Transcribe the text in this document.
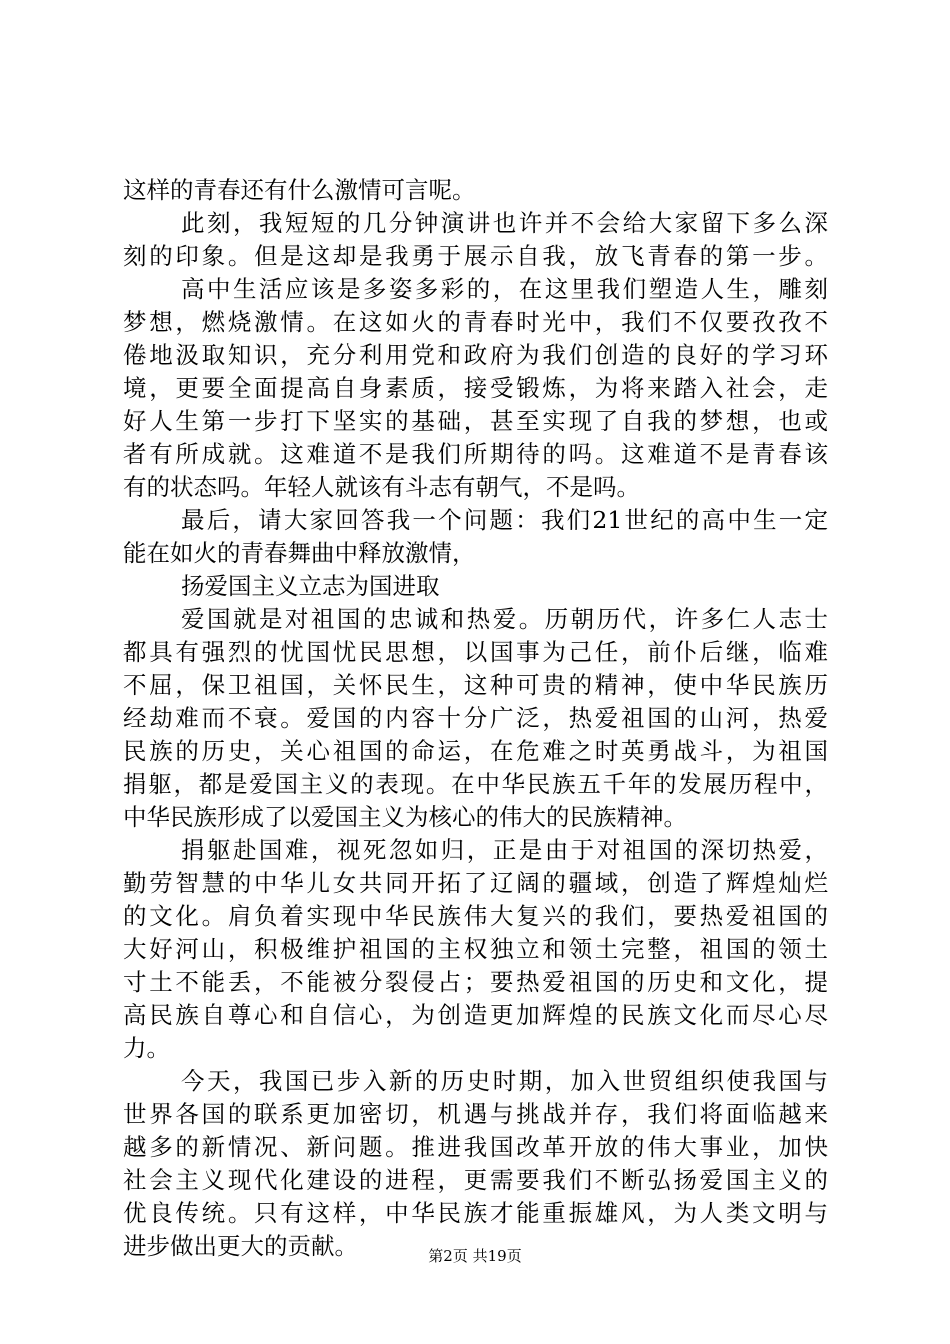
这样的青春还有什么激情可言呢。

此刻，我短短的几分钟演讲也许并不会给大家留下多么深

刻的印象。但是这却是我勇于展示自我，放飞青春的第一步。

高中生活应该是多姿多彩的，在这里我们塑造人生，雕刻

梦想，燃烧激情。在这如火的青春时光中，我们不仅要孜孜不

倦地汲取知识，充分利用党和政府为我们创造的良好的学习环

境，更要全面提高自身素质，接受锻炼，为将来踏入社会，走

好人生第一步打下坚实的基础，甚至实现了自我的梦想，也或

者有所成就。这难道不是我们所期待的吗。这难道不是青春该

有的状态吗。年轻人就该有斗志有朝气，不是吗。

最后，请大家回答我一个问题：我们21世纪的高中生一定

能在如火的青春舞曲中释放激情，

扬爱国主义立志为国进取

爱国就是对祖国的忠诚和热爱。历朝历代，许多仁人志士

都具有强烈的忧国忧民思想，以国事为己任，前仆后继，临难

不屈，保卫祖国，关怀民生，这种可贵的精神，使中华民族历

经劫难而不衰。爱国的内容十分广泛，热爱祖国的山河，热爱

民族的历史，关心祖国的命运，在危难之时英勇战斗，为祖国

捐躯，都是爱国主义的表现。在中华民族五千年的发展历程中，

中华民族形成了以爱国主义为核心的伟大的民族精神。

捐躯赴国难，视死忽如归，正是由于对祖国的深切热爱，

勤劳智慧的中华儿女共同开拓了辽阔的疆域，创造了辉煌灿烂

的文化。肩负着实现中华民族伟大复兴的我们，要热爱祖国的

大好河山，积极维护祖国的主权独立和领土完整，祖国的领土

寸土不能丢，不能被分裂侵占；要热爱祖国的历史和文化，提

高民族自尊心和自信心，为创造更加辉煌的民族文化而尽心尽

力。

今天，我国已步入新的历史时期，加入世贸组织使我国与

世界各国的联系更加密切，机遇与挑战并存，我们将面临越来

越多的新情况、新问题。推进我国改革开放的伟大事业，加快

社会主义现代化建设的进程，更需要我们不断弘扬爱国主义的

优良传统。只有这样，中华民族才能重振雄风，为人类文明与

进步做出更大的贡献。	第2页 共19页
